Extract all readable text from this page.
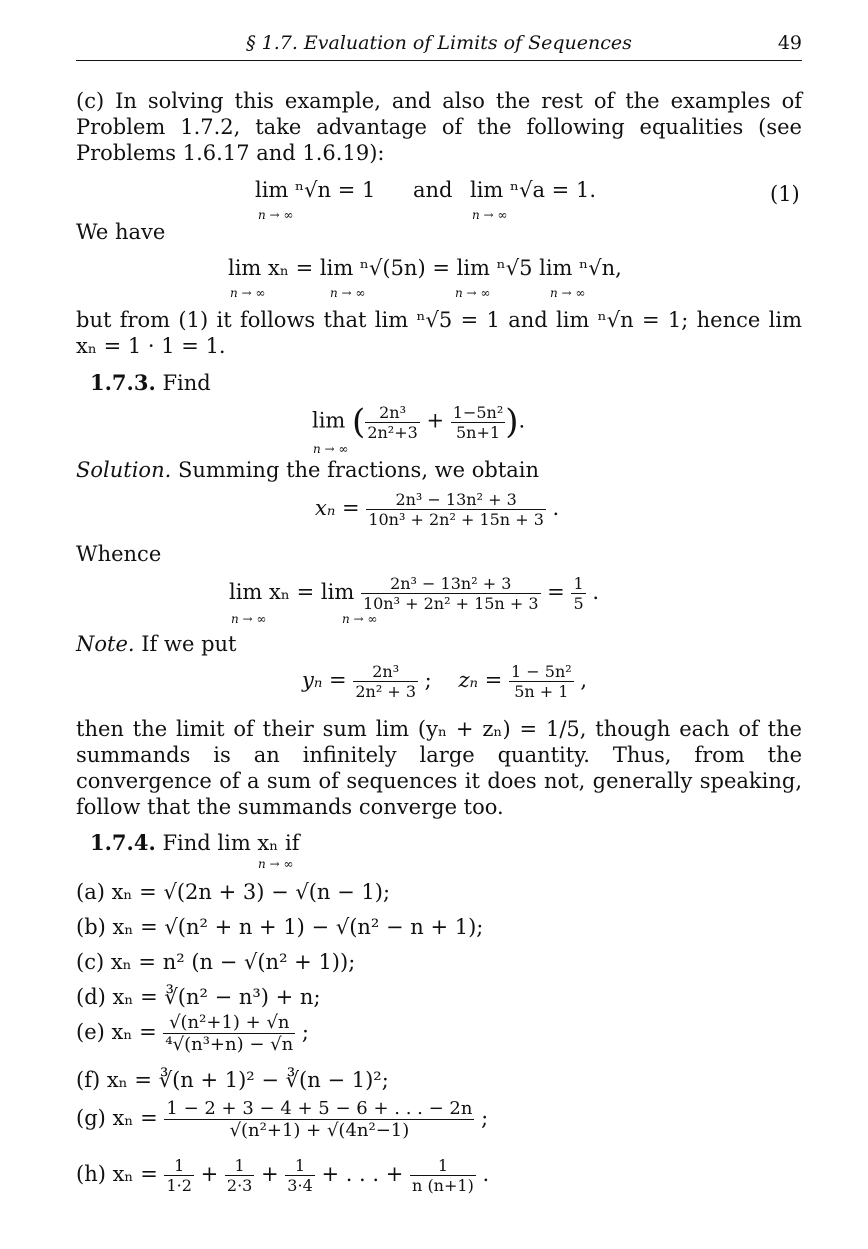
§ 1.7. Evaluation of Limits of Sequences	49
(c) In solving this example, and also the rest of the examples of Problem 1.7.2, take advantage of the following equalities (see Problems 1.6.17 and 1.6.19):
lim ⁿ√n = 1
n → ∞
and lim ⁿ√a = 1.
n → ∞
(1)
We have
lim xₙ = lim ⁿ√(5n) = lim ⁿ√5 lim ⁿ√n,
n → ∞	n → ∞	n → ∞	n → ∞
but from (1) it follows that lim ⁿ√5 = 1 and lim ⁿ√n = 1; hence lim xₙ = 1 · 1 = 1.
1.7.3. Find
lim ( $\frac{\text{2n³}}{\text{2n²+3}} + \frac{\text{1−5n²}}{5n+1}$ ).
n → ∞
Solution. Summing the fractions, we obtain
$x_n = \frac{\text{2n³ − 13n² + 3}}{\text{10n³ + 2n² + 15n + 3}}$ .
Whence
$\lim x_n = \lim \frac{\text{2n³ − 13n² + 3}}{\text{10n³ + 2n² + 15n + 3}} = \frac{1}{5}$ .
n → ∞	n → ∞
Note. If we put
$y_n = \frac{\text{2n³}}{\text{2n² + 3}}$ ;    $z_n = \frac{\text{1 − 5n²}}{5n + 1}$ ,
then the limit of their sum lim (yₙ + zₙ) = 1/5, though each of the summands is an infinitely large quantity. Thus, from the convergence of a sum of sequences it does not, generally speaking, follow that the summands converge too.
1.7.4. Find lim xₙ if
n → ∞
(a) xₙ = √(2n + 3) − √(n − 1);
(b) xₙ = √(n² + n + 1) − √(n² − n + 1);
(c) xₙ = n² (n − √(n² + 1));
(d) xₙ = ∛(n² − n³) + n;
(e) $x_n = \frac{\text{√(n²+1) + √n}}{\text{⁴√(n³+n) − √n}}$ ;
(f) xₙ = ∛(n + 1)² − ∛(n − 1)²;
(g) $x_n = \frac{1 - 2 + 3 - 4 + 5 - 6 + . . . - 2n}{\text{√(n²+1) + √(4n²−1)}}$ ;
(h) $x_n = \frac{1}{1\cdot 2} + \frac{1}{2\cdot 3} + \frac{1}{3\cdot 4}$ + . . . + $\frac{1}{n (n+1)}$ .
